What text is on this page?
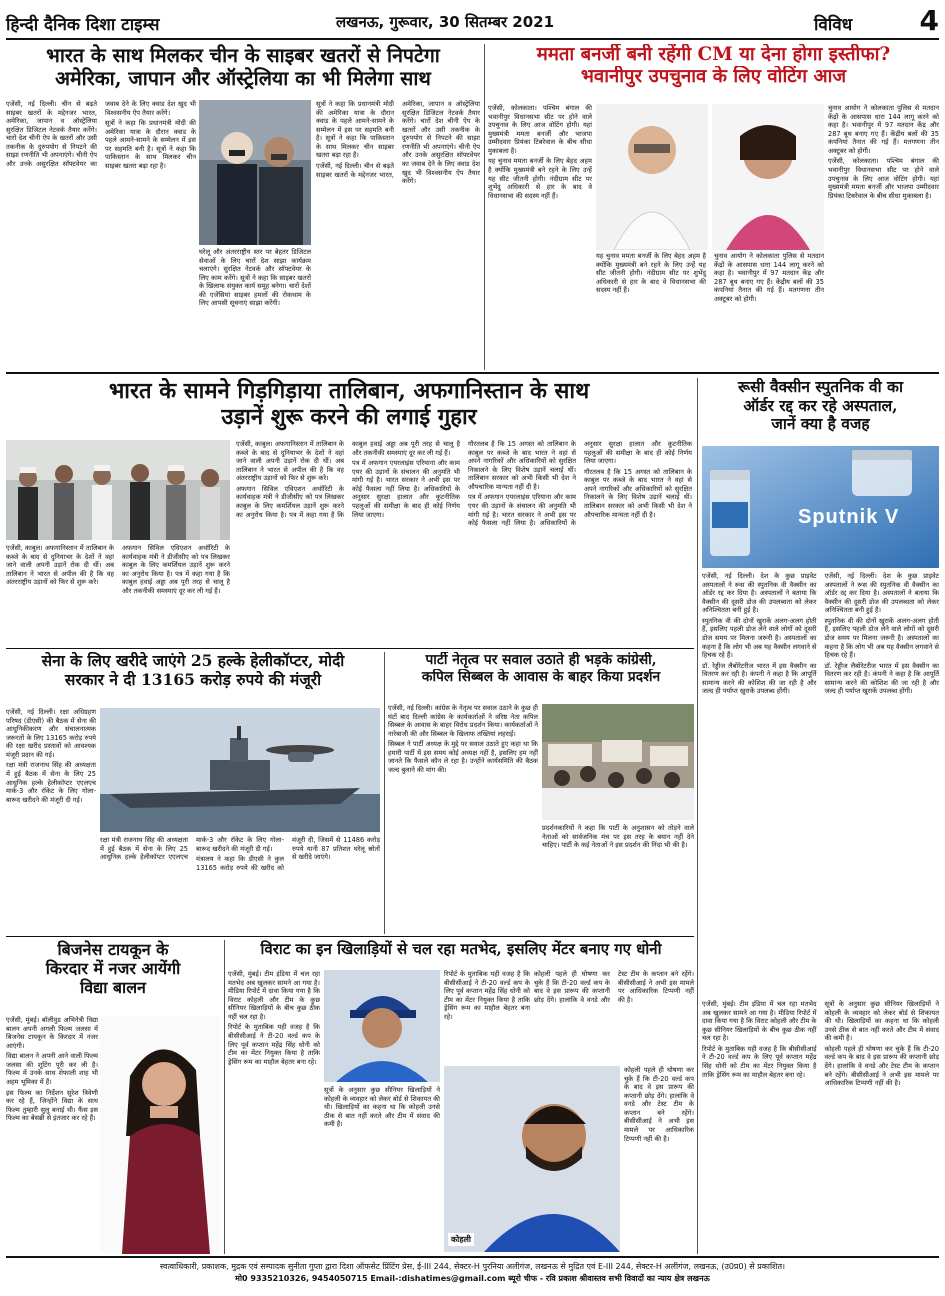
हिन्दी दैनिक दिशा टाइम्स	लखनऊ, गुरूवार, 30 सितम्बर 2021	विविध 4
भारत के साथ मिलकर चीन के साइबर खतरों से निपटेगा
अमेरिका, जापान और ऑस्ट्रेलिया का भी मिलेगा साथ

एजेंसी, नई दिल्ली। चीन से बढ़ते साइबर खतरों के मद्देनजर भारत, अमेरिका, जापान व ऑस्ट्रेलिया सुरक्षित डिजिटल नेटवर्क तैयार करेंगे। चारों देश चीनी ऐप के खतरों और उसी तकनीक के दुरुपयोग से निपटने की साझा रणनीति भी अपनाएंगे। चीनी ऐप और उनके असुरक्षित सॉफ्टवेयर का जवाब देने के लिए क्वाड देश खुद भी विश्वसनीय ऐप तैयार करेंगे।

सूत्रों ने कहा कि प्रधानमंत्री मोदी की अमेरिका यात्रा के दौरान क्वाड के पहले आमने-सामने के सम्मेलन में इस पर सहमति बनी है। सूत्रों ने कहा कि पाकिस्तान के साथ मिलकर चीन साइबर खतरा बढ़ा रहा है।

घरेलू और अंतरराष्ट्रीय स्तर पर बेहतर डिजिटल सेवाओं के लिए चारों देश साझा कार्यक्रम चलाएंगे। सुरक्षित नेटवर्क और सॉफ्टवेयर के लिए काम करेंगे। सूत्रों ने कहा कि साइबर खतरों के खिलाफ संयुक्त कार्य समूह बनेगा। चारों देशों की एजेंसियां साइबर हमलों की रोकथाम के लिए आपसी सूचनाएं साझा करेंगी।

सूत्रों ने कहा कि प्रधानमंत्री मोदी की अमेरिका यात्रा के दौरान क्वाड के पहले आमने-सामने के सम्मेलन में इस पर सहमति बनी है। सूत्रों ने कहा कि पाकिस्तान के साथ मिलकर चीन साइबर खतरा बढ़ा रहा है।

एजेंसी, नई दिल्ली। चीन से बढ़ते साइबर खतरों के मद्देनजर भारत, अमेरिका, जापान व ऑस्ट्रेलिया सुरक्षित डिजिटल नेटवर्क तैयार करेंगे। चारों देश चीनी ऐप के खतरों और उसी तकनीक के दुरुपयोग से निपटने की साझा रणनीति भी अपनाएंगे। चीनी ऐप और उनके असुरक्षित सॉफ्टवेयर का जवाब देने के लिए क्वाड देश खुद भी विश्वसनीय ऐप तैयार करेंगे।

ममता बनर्जी बनी रहेंगी CM या देना होगा इस्तीफा?
भवानीपुर उपचुनाव के लिए वोटिंग आज

एजेंसी, कोलकाता। पश्चिम बंगाल की भवानीपुर विधानसभा सीट पर होने वाले उपचुनाव के लिए आज वोटिंग होगी। यहां मुख्यमंत्री ममता बनर्जी और भाजपा उम्मीदवार प्रियंका टिबरेवाल के बीच सीधा मुकाबला है।

यह चुनाव ममता बनर्जी के लिए बेहद अहम है क्योंकि मुख्यमंत्री बने रहने के लिए उन्हें यह सीट जीतनी होगी। नंदीग्राम सीट पर शुभेंदु अधिकारी से हार के बाद वे विधानसभा की सदस्य नहीं हैं।

यह चुनाव ममता बनर्जी के लिए बेहद अहम है क्योंकि मुख्यमंत्री बने रहने के लिए उन्हें यह सीट जीतनी होगी। नंदीग्राम सीट पर शुभेंदु अधिकारी से हार के बाद वे विधानसभा की सदस्य नहीं हैं।

चुनाव आयोग ने कोलकाता पुलिस से मतदान केंद्रों के आसपास धारा 144 लागू करने को कहा है। भवानीपुर में 97 मतदान केंद्र और 287 बूथ बनाए गए हैं। केंद्रीय बलों की 35 कंपनियां तैनात की गई हैं। मतगणना तीन अक्टूबर को होगी।

चुनाव आयोग ने कोलकाता पुलिस से मतदान केंद्रों के आसपास धारा 144 लागू करने को कहा है। भवानीपुर में 97 मतदान केंद्र और 287 बूथ बनाए गए हैं। केंद्रीय बलों की 35 कंपनियां तैनात की गई हैं। मतगणना तीन अक्टूबर को होगी।

एजेंसी, कोलकाता। पश्चिम बंगाल की भवानीपुर विधानसभा सीट पर होने वाले उपचुनाव के लिए आज वोटिंग होगी। यहां मुख्यमंत्री ममता बनर्जी और भाजपा उम्मीदवार प्रियंका टिबरेवाल के बीच सीधा मुकाबला है।

भारत के सामने गिड़गिड़ाया तालिबान, अफगानिस्तान के साथ
उड़ानें शुरू करने की लगाई गुहार

एजेंसी, काबुल। अफगानिस्तान में तालिबान के कब्जे के बाद से दुनियाभर के देशों ने वहां जाने वाली अपनी उड़ानें रोक दी थीं। अब तालिबान ने भारत से अपील की है कि वह अंतरराष्ट्रीय उड़ानों को फिर से शुरू करे।

अफगान सिविल एविएशन अथॉरिटी के कार्यवाहक मंत्री ने डीजीसीए को पत्र लिखकर काबुल के लिए कमर्शियल उड़ानें शुरू करने का अनुरोध किया है। पत्र में कहा गया है कि काबुल हवाई अड्डा अब पूरी तरह से चालू है और तकनीकी समस्याएं दूर कर ली गई हैं।

एजेंसी, काबुल। अफगानिस्तान में तालिबान के कब्जे के बाद से दुनियाभर के देशों ने वहां जाने वाली अपनी उड़ानें रोक दी थीं। अब तालिबान ने भारत से अपील की है कि वह अंतरराष्ट्रीय उड़ानों को फिर से शुरू करे।

अफगान सिविल एविएशन अथॉरिटी के कार्यवाहक मंत्री ने डीजीसीए को पत्र लिखकर काबुल के लिए कमर्शियल उड़ानें शुरू करने का अनुरोध किया है। पत्र में कहा गया है कि काबुल हवाई अड्डा अब पूरी तरह से चालू है और तकनीकी समस्याएं दूर कर ली गई हैं।

पत्र में अफगान एयरलाइंस एरियाना और काम एयर की उड़ानों के संचालन की अनुमति भी मांगी गई है। भारत सरकार ने अभी इस पर कोई फैसला नहीं लिया है। अधिकारियों के अनुसार सुरक्षा हालात और कूटनीतिक पहलुओं की समीक्षा के बाद ही कोई निर्णय लिया जाएगा।

गौरतलब है कि 15 अगस्त को तालिबान के काबुल पर कब्जे के बाद भारत ने वहां से अपने नागरिकों और अधिकारियों को सुरक्षित निकालने के लिए विशेष उड़ानें चलाई थीं। तालिबान सरकार को अभी किसी भी देश ने औपचारिक मान्यता नहीं दी है।

पत्र में अफगान एयरलाइंस एरियाना और काम एयर की उड़ानों के संचालन की अनुमति भी मांगी गई है। भारत सरकार ने अभी इस पर कोई फैसला नहीं लिया है। अधिकारियों के अनुसार सुरक्षा हालात और कूटनीतिक पहलुओं की समीक्षा के बाद ही कोई निर्णय लिया जाएगा।

गौरतलब है कि 15 अगस्त को तालिबान के काबुल पर कब्जे के बाद भारत ने वहां से अपने नागरिकों और अधिकारियों को सुरक्षित निकालने के लिए विशेष उड़ानें चलाई थीं। तालिबान सरकार को अभी किसी भी देश ने औपचारिक मान्यता नहीं दी है।

रूसी वैक्सीन स्पुतनिक वी का
ऑर्डर रद्द कर रहे अस्पताल,
जानें क्या है वजह
Sputnik V

एजेंसी, नई दिल्ली। देश के कुछ प्राइवेट अस्पतालों ने रूस की स्पुतनिक वी वैक्सीन का ऑर्डर रद्द कर दिया है। अस्पतालों ने बताया कि वैक्सीन की दूसरी डोज की उपलब्धता को लेकर अनिश्चितता बनी हुई है।

स्पुतनिक वी की दोनों खुराकें अलग-अलग होती हैं, इसलिए पहली डोज लेने वाले लोगों को दूसरी डोज समय पर मिलना जरूरी है। अस्पतालों का कहना है कि लोग भी अब यह वैक्सीन लगवाने से हिचक रहे हैं।

डॉ. रेड्डीज लैबोरेटरीज भारत में इस वैक्सीन का वितरण कर रही है। कंपनी ने कहा है कि आपूर्ति सामान्य करने की कोशिश की जा रही है और जल्द ही पर्याप्त खुराकें उपलब्ध होंगी।

एजेंसी, नई दिल्ली। देश के कुछ प्राइवेट अस्पतालों ने रूस की स्पुतनिक वी वैक्सीन का ऑर्डर रद्द कर दिया है। अस्पतालों ने बताया कि वैक्सीन की दूसरी डोज की उपलब्धता को लेकर अनिश्चितता बनी हुई है।

स्पुतनिक वी की दोनों खुराकें अलग-अलग होती हैं, इसलिए पहली डोज लेने वाले लोगों को दूसरी डोज समय पर मिलना जरूरी है। अस्पतालों का कहना है कि लोग भी अब यह वैक्सीन लगवाने से हिचक रहे हैं।

डॉ. रेड्डीज लैबोरेटरीज भारत में इस वैक्सीन का वितरण कर रही है। कंपनी ने कहा है कि आपूर्ति सामान्य करने की कोशिश की जा रही है और जल्द ही पर्याप्त खुराकें उपलब्ध होंगी।

सेना के लिए खरीदे जाएंगे 25 हल्के हेलीकॉप्टर, मोदी
सरकार ने दी 13165 करोड़ रुपये की मंजूरी

एजेंसी, नई दिल्ली। रक्षा अधिग्रहण परिषद (डीएसी) की बैठक में सेना की आधुनिकीकरण और संचालनात्मक जरूरतों के लिए 13165 करोड़ रुपये की रक्षा खरीद प्रस्तावों को आवश्यक मंजूरी प्रदान की गई।

रक्षा मंत्री राजनाथ सिंह की अध्यक्षता में हुई बैठक में सेना के लिए 25 आधुनिक हल्के हेलीकॉप्टर एएलएच मार्क-3 और रॉकेट के लिए गोला-बारूद खरीदने की मंजूरी दी गई।

रक्षा मंत्री राजनाथ सिंह की अध्यक्षता में हुई बैठक में सेना के लिए 25 आधुनिक हल्के हेलीकॉप्टर एएलएच मार्क-3 और रॉकेट के लिए गोला-बारूद खरीदने की मंजूरी दी गई।

मंत्रालय ने कहा कि डीएसी ने कुल 13165 करोड़ रुपये की खरीद को मंजूरी दी, जिसमें से 11486 करोड़ रुपये यानी 87 प्रतिशत घरेलू स्रोतों से खरीदे जाएंगे।

पार्टी नेतृत्व पर सवाल उठाते ही भड़के कांग्रेसी,
कपिल सिब्बल के आवास के बाहर किया प्रदर्शन

एजेंसी, नई दिल्ली। कांग्रेस के नेतृत्व पर सवाल उठाने के कुछ ही घंटों बाद दिल्ली कांग्रेस के कार्यकर्ताओं ने वरिष्ठ नेता कपिल सिब्बल के आवास के बाहर विरोध प्रदर्शन किया। कार्यकर्ताओं ने नारेबाजी की और सिब्बल के खिलाफ तख्तियां लहराईं।

सिब्बल ने पार्टी अध्यक्ष के मुद्दे पर सवाल उठाते हुए कहा था कि हमारी पार्टी में इस समय कोई अध्यक्ष नहीं है, इसलिए हम नहीं जानते कि फैसले कौन ले रहा है। उन्होंने कार्यसमिति की बैठक जल्द बुलाने की मांग की।

प्रदर्शनकारियों ने कहा कि पार्टी के अनुशासन को तोड़ने वाले नेताओं को सार्वजनिक मंच पर इस तरह के बयान नहीं देने चाहिए। पार्टी के कई नेताओं ने इस प्रदर्शन की निंदा भी की है।

बिजनेस टायकून के
किरदार में नजर आयेंगी
विद्या बालन

एजेंसी, मुंबई। बॉलीवुड अभिनेत्री विद्या बालन अपनी अगली फिल्म जलसा में बिजनेस टायकून के किरदार में नजर आएंगी।

विद्या बालन ने अपनी आने वाली फिल्म जलसा की शूटिंग पूरी कर ली है। फिल्म में उनके साथ शेफाली शाह भी अहम भूमिका में हैं।

इस फिल्म का निर्देशन सुरेश त्रिवेणी कर रहे हैं, जिन्होंने विद्या के साथ फिल्म तुम्हारी सुलु बनाई थी। फैंस इस फिल्म का बेसब्री से इंतजार कर रहे हैं।

विराट का इन खिलाड़ियों से चल रहा मतभेद, इसलिए मेंटर बनाए गए धोनी

एजेंसी, मुंबई। टीम इंडिया में चल रहा मतभेद अब खुलकर सामने आ गया है। मीडिया रिपोर्ट में दावा किया गया है कि विराट कोहली और टीम के कुछ सीनियर खिलाड़ियों के बीच कुछ ठीक नहीं चल रहा है।

रिपोर्ट के मुताबिक यही वजह है कि बीसीसीआई ने टी-20 वर्ल्ड कप के लिए पूर्व कप्तान महेंद्र सिंह धोनी को टीम का मेंटर नियुक्त किया है ताकि ड्रेसिंग रूम का माहौल बेहतर बना रहे।

सूत्रों के अनुसार कुछ सीनियर खिलाड़ियों ने कोहली के व्यवहार को लेकर बोर्ड से शिकायत की थी। खिलाड़ियों का कहना था कि कोहली उनसे ठीक से बात नहीं करते और टीम में संवाद की कमी है।

रिपोर्ट के मुताबिक यही वजह है कि बीसीसीआई ने टी-20 वर्ल्ड कप के लिए पूर्व कप्तान महेंद्र सिंह धोनी को टीम का मेंटर नियुक्त किया है ताकि ड्रेसिंग रूम का माहौल बेहतर बना रहे।

कोहली

कोहली पहले ही घोषणा कर चुके हैं कि टी-20 वर्ल्ड कप के बाद वे इस प्रारूप की कप्तानी छोड़ देंगे। हालांकि वे वनडे और टेस्ट टीम के कप्तान बने रहेंगे। बीसीसीआई ने अभी इस मामले पर आधिकारिक टिप्पणी नहीं की है।

कोहली पहले ही घोषणा कर चुके हैं कि टी-20 वर्ल्ड कप के बाद वे इस प्रारूप की कप्तानी छोड़ देंगे। हालांकि वे वनडे और टेस्ट टीम के कप्तान बने रहेंगे। बीसीसीआई ने अभी इस मामले पर आधिकारिक टिप्पणी नहीं की है।

एजेंसी, मुंबई। टीम इंडिया में चल रहा मतभेद अब खुलकर सामने आ गया है। मीडिया रिपोर्ट में दावा किया गया है कि विराट कोहली और टीम के कुछ सीनियर खिलाड़ियों के बीच कुछ ठीक नहीं चल रहा है।

रिपोर्ट के मुताबिक यही वजह है कि बीसीसीआई ने टी-20 वर्ल्ड कप के लिए पूर्व कप्तान महेंद्र सिंह धोनी को टीम का मेंटर नियुक्त किया है ताकि ड्रेसिंग रूम का माहौल बेहतर बना रहे।

सूत्रों के अनुसार कुछ सीनियर खिलाड़ियों ने कोहली के व्यवहार को लेकर बोर्ड से शिकायत की थी। खिलाड़ियों का कहना था कि कोहली उनसे ठीक से बात नहीं करते और टीम में संवाद की कमी है।

कोहली पहले ही घोषणा कर चुके हैं कि टी-20 वर्ल्ड कप के बाद वे इस प्रारूप की कप्तानी छोड़ देंगे। हालांकि वे वनडे और टेस्ट टीम के कप्तान बने रहेंगे। बीसीसीआई ने अभी इस मामले पर आधिकारिक टिप्पणी नहीं की है।

स्वत्वाधिकारी, प्रकाशक, मुद्रक एवं सम्पादक सुनीता गुप्ता द्वारा दिशा ऑफसेट प्रिंटिंग प्रेस, ई-III 244, सेक्टर-H पुरनिया अलीगंज, लखनऊ से मुद्रित एवं E-III 244, सेक्टर-H अलीगंज, लखनऊ, (उ0प्र0) से प्रकाशित।
मो0 9335210326, 9454050715 Email-:dishatimes@gmail.com ब्यूरो चीफ - रवि प्रकाश श्रीवास्तव सभी विवादों का न्याय क्षेत्र लखनऊ
